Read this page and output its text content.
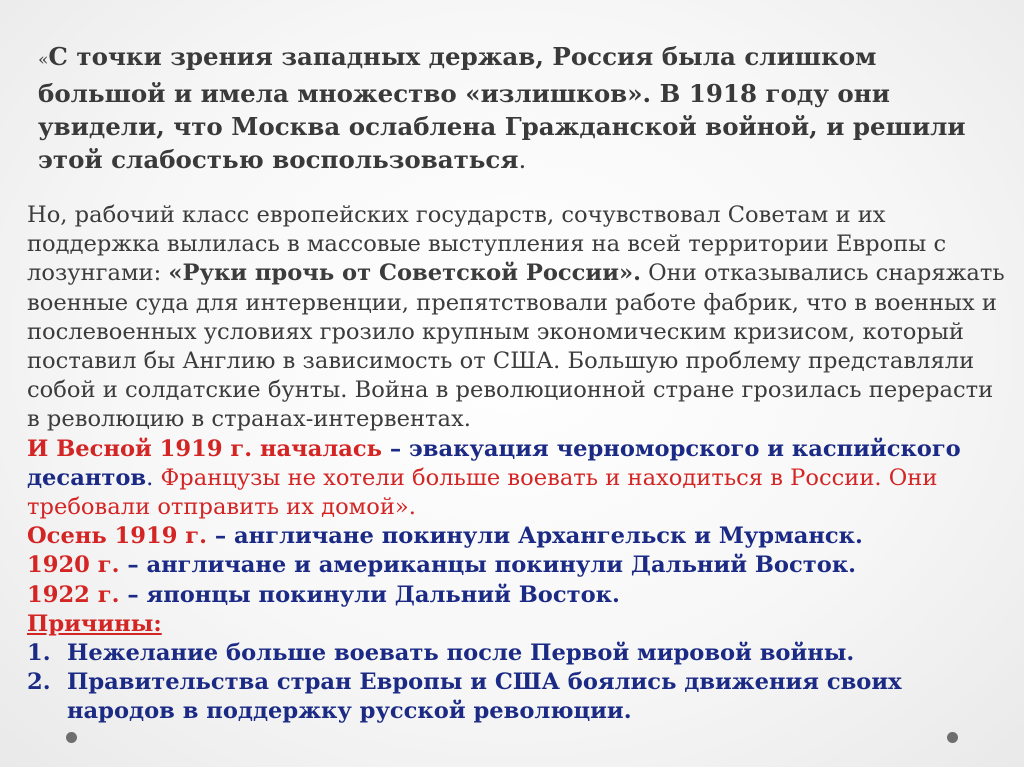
«С точки зрения западных держав, Россия была слишком большой и имела множество «излишков». В 1918 году они увидели, что Москва ослаблена Гражданской войной, и решили этой слабостью воспользоваться.

Но, рабочий класс европейских государств, сочувствовал Советам и их поддержка вылилась в массовые выступления на всей территории Европы с лозунгами: «Руки прочь от Советской России». Они отказывались снаряжать военные суда для интервенции, препятствовали работе фабрик, что в военных и послевоенных условиях грозило крупным экономическим кризисом, который поставил бы Англию в зависимость от США. Большую проблему представляли собой и солдатские бунты. Война в революционной стране грозилась перерасти в революцию в странах-интервентах.

И Весной 1919 г. началась – эвакуация черноморского и каспийского десантов. Французы не хотели больше воевать и находиться в России. Они требовали отправить их домой».

Осень 1919 г. – англичане покинули Архангельск и Мурманск.

1920 г. – англичане и американцы покинули Дальний Восток.

1922 г. – японцы покинули Дальний Восток.

Причины:

1. Нежелание больше воевать после Первой мировой войны.
2. Правительства стран Европы и США боялись движения своих народов в поддержку русской революции.
